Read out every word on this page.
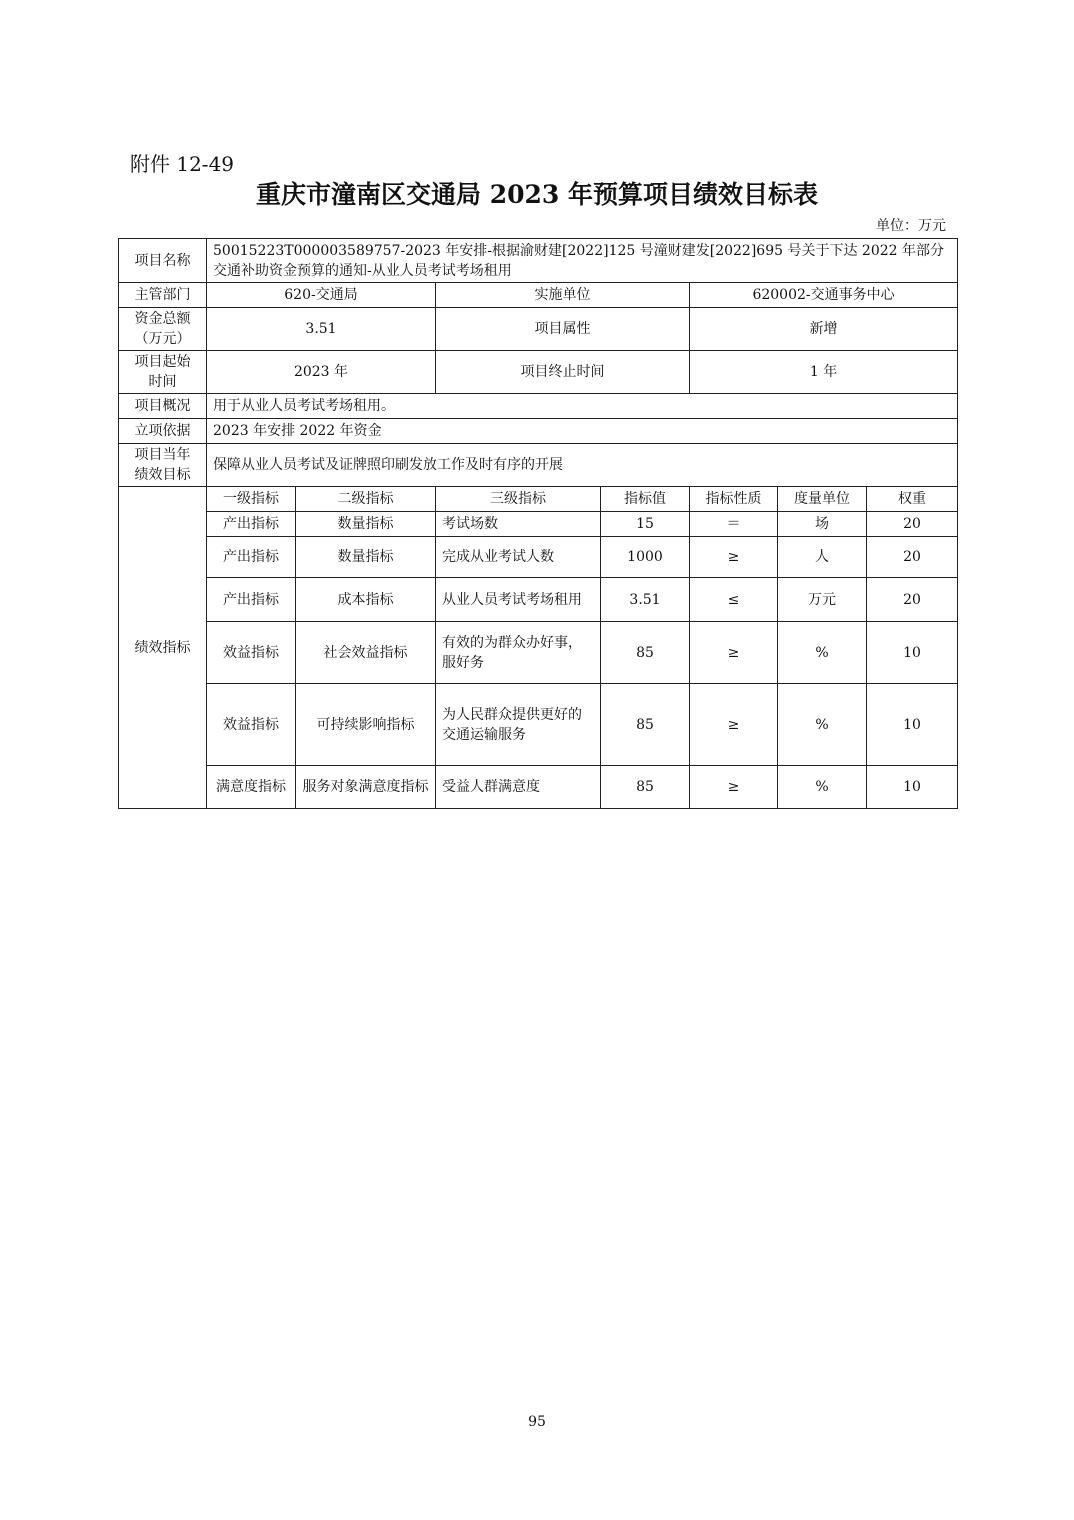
附件 12-49
重庆市潼南区交通局 2023 年预算项目绩效目标表
单位：万元
项目名称	50015223T000003589757-2023 年安排-根据渝财建[2022]125 号潼财建发[2022]695 号关于下达 2022 年部分交通补助资金预算的通知-从业人员考试考场租用						
主管部门	620-交通局		实施单位		620002-交通事务中心		

资金总额
（万元）	3.51		项目属性		新增		

项目起始
时间	2023 年		项目终止时间		1 年		
项目概况	用于从业人员考试考场租用。						
立项依据	2023 年安排 2022 年资金						

项目当年
绩效目标	保障从业人员考试及证牌照印刷发放工作及时有序的开展						
绩效指标	一级指标	二级指标	三级指标	指标值	指标性质	度量单位	权重
	产出指标	数量指标	考试场数	15	＝	场	20
	产出指标	数量指标	完成从业考试人数	1000	≥	人	20
	产出指标	成本指标	从业人员考试考场租用	3.51	≤	万元	20
	效益指标	社会效益指标	有效的为群众办好事，服好务	85	≥	%	10
	效益指标	可持续影响指标	为人民群众提供更好的交通运输服务	85	≥	%	10
	满意度指标	服务对象满意度指标	受益人群满意度	85	≥	%	10
95
